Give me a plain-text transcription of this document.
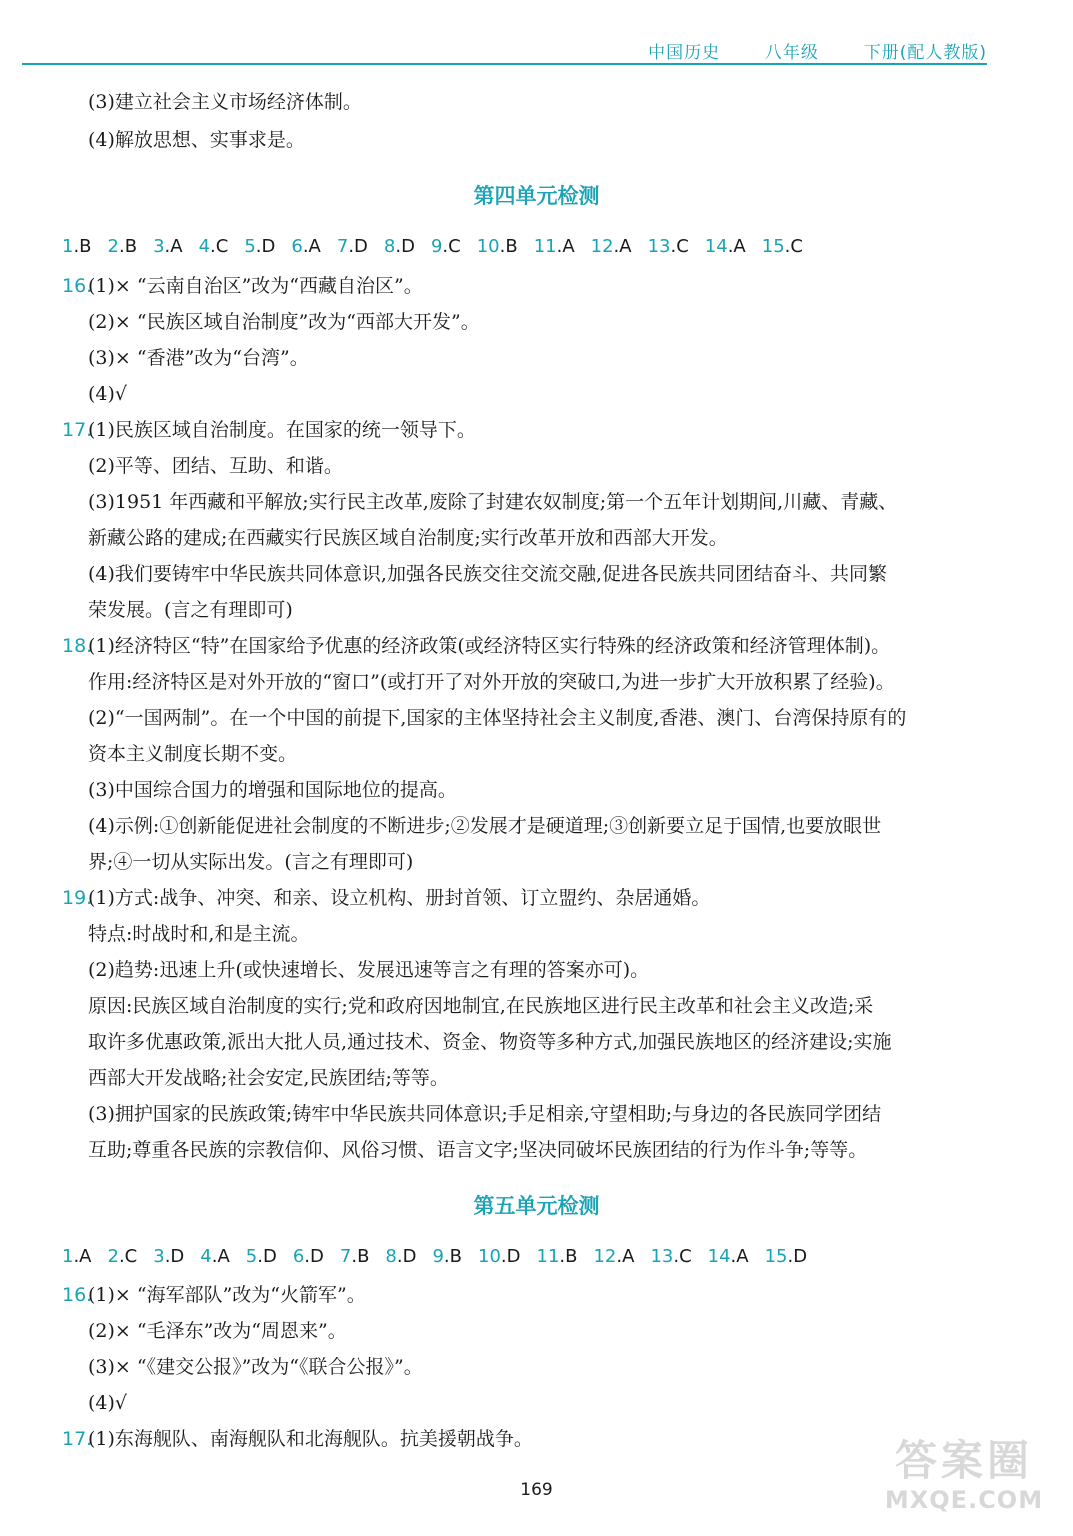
中国历史  八年级  下册(配人教版)
(3)建立社会主义市场经济体制。
(4)解放思想、实事求是。
第四单元检测
1.B 2.B 3.A 4.C 5.D 6.A 7.D 8.D 9.C 10.B 11.A 12.A 13.C 14.A 15.C
16.
(1)× “云南自治区”改为“西藏自治区”。
(2)× “民族区域自治制度”改为“西部大开发”。
(3)× “香港”改为“台湾”。
(4)√
17.
(1)民族区域自治制度。在国家的统一领导下。
(2)平等、团结、互助、和谐。
(3)1951 年西藏和平解放;实行民主改革,废除了封建农奴制度;第一个五年计划期间,川藏、青藏、
新藏公路的建成;在西藏实行民族区域自治制度;实行改革开放和西部大开发。
(4)我们要铸牢中华民族共同体意识,加强各民族交往交流交融,促进各民族共同团结奋斗、共同繁
荣发展。(言之有理即可)
18.
(1)经济特区“特”在国家给予优惠的经济政策(或经济特区实行特殊的经济政策和经济管理体制)。
作用:经济特区是对外开放的“窗口”(或打开了对外开放的突破口,为进一步扩大开放积累了经验)。
(2)“一国两制”。在一个中国的前提下,国家的主体坚持社会主义制度,香港、澳门、台湾保持原有的
资本主义制度长期不变。
(3)中国综合国力的增强和国际地位的提高。
(4)示例:①创新能促进社会制度的不断进步;②发展才是硬道理;③创新要立足于国情,也要放眼世
界;④一切从实际出发。(言之有理即可)
19.
(1)方式:战争、冲突、和亲、设立机构、册封首领、订立盟约、杂居通婚。
特点:时战时和,和是主流。
(2)趋势:迅速上升(或快速增长、发展迅速等言之有理的答案亦可)。
原因:民族区域自治制度的实行;党和政府因地制宜,在民族地区进行民主改革和社会主义改造;采
取许多优惠政策,派出大批人员,通过技术、资金、物资等多种方式,加强民族地区的经济建设;实施
西部大开发战略;社会安定,民族团结;等等。
(3)拥护国家的民族政策;铸牢中华民族共同体意识;手足相亲,守望相助;与身边的各民族同学团结
互助;尊重各民族的宗教信仰、风俗习惯、语言文字;坚决同破坏民族团结的行为作斗争;等等。
第五单元检测
1.A 2.C 3.D 4.A 5.D 6.D 7.B 8.D 9.B 10.D 11.B 12.A 13.C 14.A 15.D
16.
(1)× “海军部队”改为“火箭军”。
(2)× “毛泽东”改为“周恩来”。
(3)× “《建交公报》”改为“《联合公报》”。
(4)√
17.
(1)东海舰队、南海舰队和北海舰队。抗美援朝战争。
169
答案圈
MXQE.COM
